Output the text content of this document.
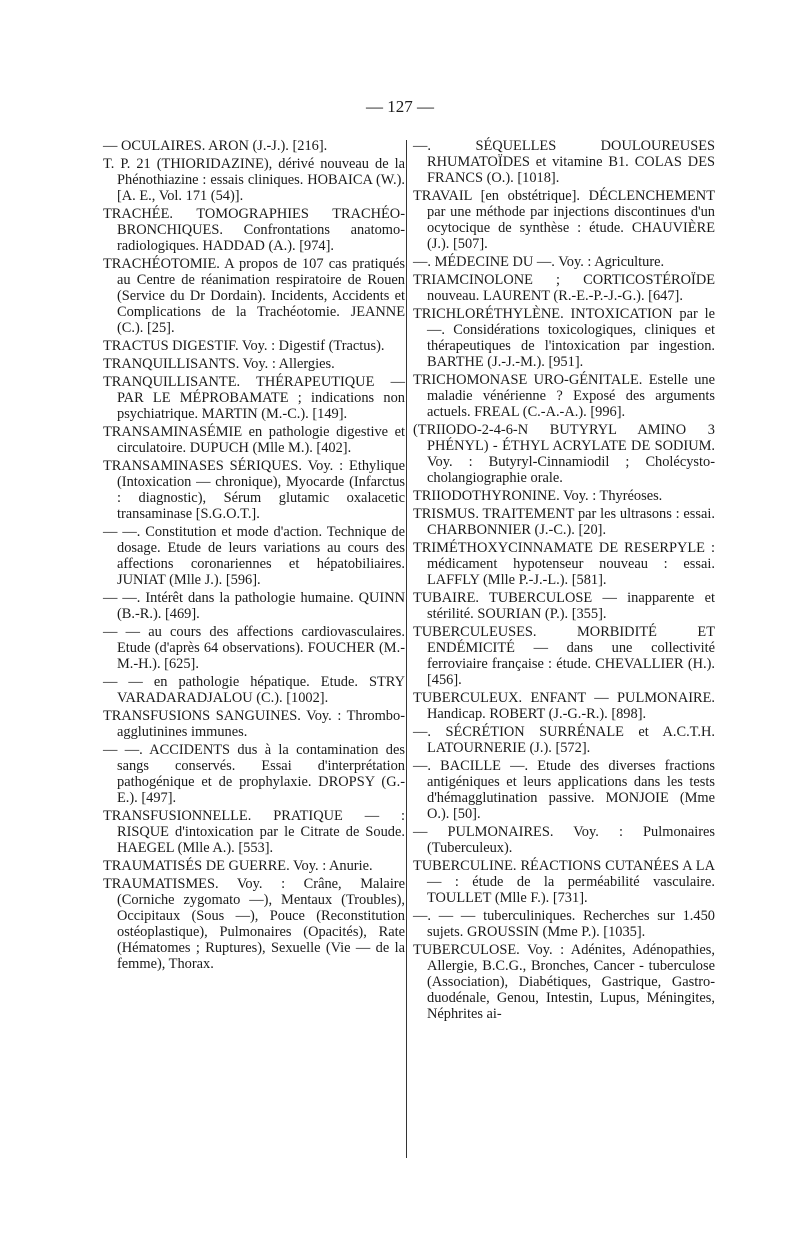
— 127 —

— OCULAIRES. ARON (J.-J.). [216].

T. P. 21 (THIORIDAZINE), dérivé nouveau de la Phénothiazine : essais cliniques. HOBAICA (W.). [A. E., Vol. 171 (54)].

TRACHÉE. TOMOGRAPHIES TRACHÉO-BRONCHIQUES. Confrontations anatomo-radiologiques. HADDAD (A.). [974].

TRACHÉOTOMIE. A propos de 107 cas pratiqués au Centre de réanimation respiratoire de Rouen (Service du Dr Dordain). Incidents, Accidents et Complications de la Trachéotomie. JEANNE (C.). [25].

TRACTUS DIGESTIF. Voy. : Digestif (Tractus).

TRANQUILLISANTS. Voy. : Allergies.

TRANQUILLISANTE. THÉRAPEUTIQUE — PAR LE MÉPROBAMATE ; indications non psychiatrique. MARTIN (M.-C.). [149].

TRANSAMINASÉMIE en pathologie digestive et circulatoire. DUPUCH (Mlle M.). [402].

TRANSAMINASES SÉRIQUES. Voy. : Ethylique (Intoxication — chronique), Myocarde (Infarctus : diagnostic), Sérum glutamic oxalacetic transaminase [S.G.O.T.].

— —. Constitution et mode d'action. Technique de dosage. Etude de leurs variations au cours des affections coronariennes et hépatobiliaires. JUNIAT (Mlle J.). [596].

— —. Intérêt dans la pathologie humaine. QUINN (B.-R.). [469].

— — au cours des affections cardiovasculaires. Etude (d'après 64 observations). FOUCHER (M.-M.-H.). [625].

— — en pathologie hépatique. Etude. STRY VARADARADJALOU (C.). [1002].

TRANSFUSIONS SANGUINES. Voy. : Thrombo-agglutinines immunes.

— —. ACCIDENTS dus à la contamination des sangs conservés. Essai d'interprétation pathogénique et de prophylaxie. DROPSY (G.-E.). [497].

TRANSFUSIONNELLE. PRATIQUE — : RISQUE d'intoxication par le Citrate de Soude. HAEGEL (Mlle A.). [553].

TRAUMATISÉS DE GUERRE. Voy. : Anurie.

TRAUMATISMES. Voy. : Crâne, Malaire (Corniche zygomato —), Mentaux (Troubles), Occipitaux (Sous —), Pouce (Reconstitution ostéoplastique), Pulmonaires (Opacités), Rate (Hématomes ; Ruptures), Sexuelle (Vie — de la femme), Thorax.

—. SÉQUELLES DOULOUREUSES RHUMATOÏDES et vitamine B1. COLAS DES FRANCS (O.). [1018].

TRAVAIL [en obstétrique]. DÉCLENCHEMENT par une méthode par injections discontinues d'un ocytocique de synthèse : étude. CHAUVIÈRE (J.). [507].

—. MÉDECINE DU —. Voy. : Agriculture.

TRIAMCINOLONE ; CORTICOSTÉROÏDE nouveau. LAURENT (R.-E.-P.-J.-G.). [647].

TRICHLORÉTHYLÈNE. INTOXICATION par le —. Considérations toxicologiques, cliniques et thérapeutiques de l'intoxication par ingestion. BARTHE (J.-J.-M.). [951].

TRICHOMONASE URO-GÉNITALE. Estelle une maladie vénérienne ? Exposé des arguments actuels. FREAL (C.-A.-A.). [996].

(TRIIODO-2-4-6-N BUTYRYL AMINO 3 PHÉNYL) - ÉTHYL ACRYLATE DE SODIUM. Voy. : Butyryl-Cinnamiodil ; Cholécysto-cholangiographie orale.

TRIIODOTHYRONINE. Voy. : Thyréoses.

TRISMUS. TRAITEMENT par les ultrasons : essai. CHARBONNIER (J.-C.). [20].

TRIMÉTHOXYCINNAMATE DE RESERPYLE : médicament hypotenseur nouveau : essai. LAFFLY (Mlle P.-J.-L.). [581].

TUBAIRE. TUBERCULOSE — inapparente et stérilité. SOURIAN (P.). [355].

TUBERCULEUSES. MORBIDITÉ ET ENDÉMICITÉ — dans une collectivité ferroviaire française : étude. CHEVALLIER (H.). [456].

TUBERCULEUX. ENFANT — PULMONAIRE. Handicap. ROBERT (J.-G.-R.). [898].

—. SÉCRÉTION SURRÉNALE et A.C.T.H. LATOURNERIE (J.). [572].

—. BACILLE —. Etude des diverses fractions antigéniques et leurs applications dans les tests d'hémagglutination passive. MONJOIE (Mme O.). [50].

— PULMONAIRES. Voy. : Pulmonaires (Tuberculeux).

TUBERCULINE. RÉACTIONS CUTANÉES A LA — : étude de la perméabilité vasculaire. TOULLET (Mlle F.). [731].

—. — — tuberculiniques. Recherches sur 1.450 sujets. GROUSSIN (Mme P.). [1035].

TUBERCULOSE. Voy. : Adénites, Adénopathies, Allergie, B.C.G., Bronches, Cancer - tuberculose (Association), Diabétiques, Gastrique, Gastro-duodénale, Genou, Intestin, Lupus, Méningites, Néphrites ai-
